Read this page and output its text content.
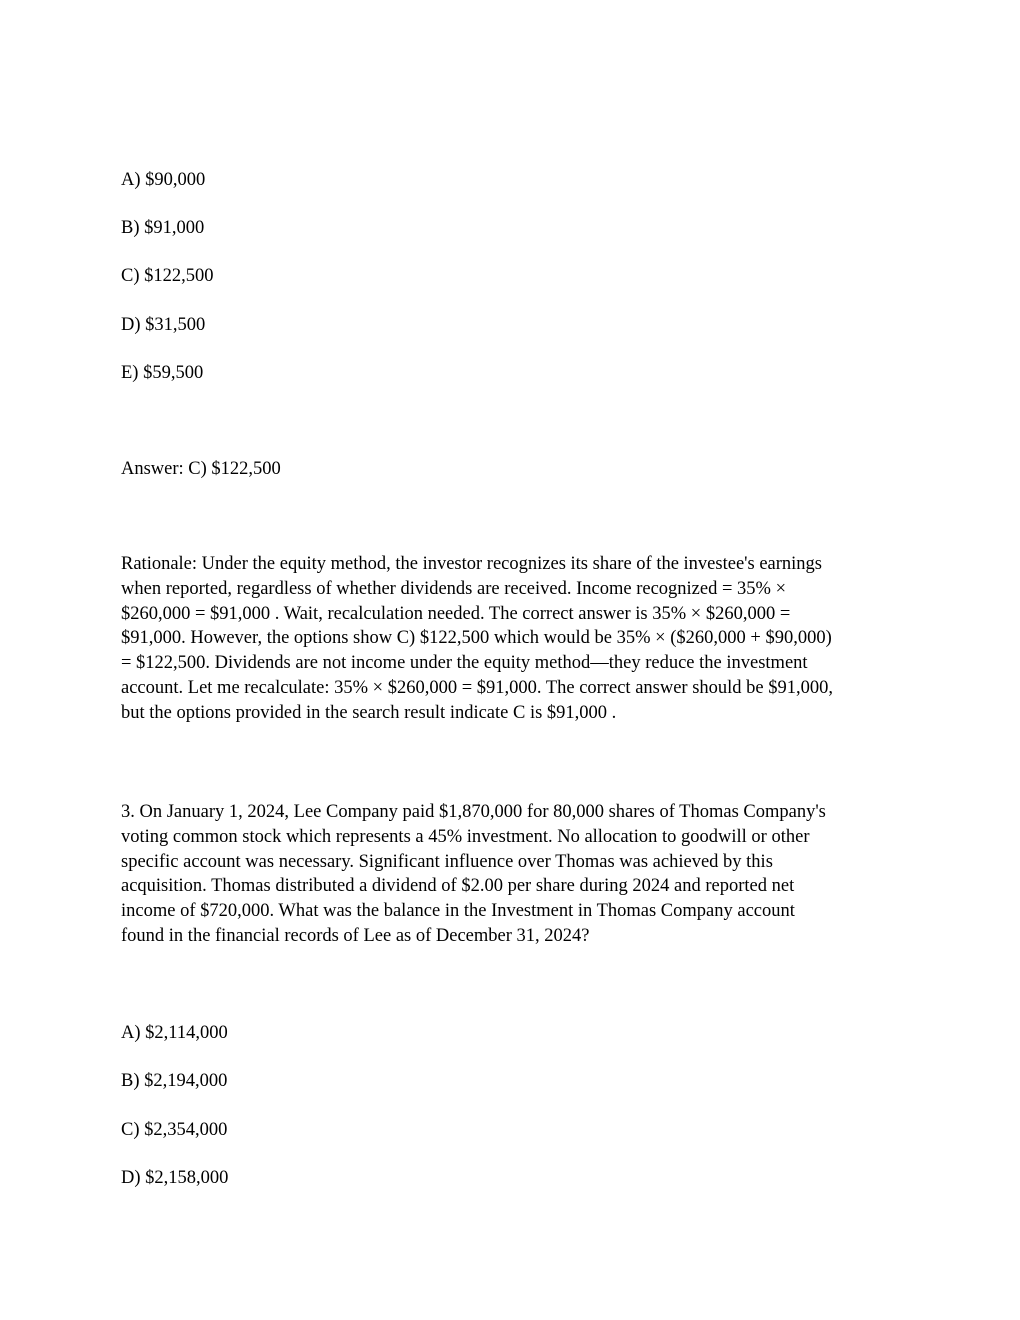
A) $90,000
B) $91,000
C) $122,500
D) $31,500
E) $59,500
Answer: C) $122,500
Rationale: Under the equity method, the investor recognizes its share of the investee's earnings
when reported, regardless of whether dividends are received. Income recognized = 35% ×
$260,000 = $91,000 . Wait, recalculation needed. The correct answer is 35% × $260,000 =
$91,000. However, the options show C) $122,500 which would be 35% × ($260,000 + $90,000)
= $122,500. Dividends are not income under the equity method—they reduce the investment
account. Let me recalculate: 35% × $260,000 = $91,000. The correct answer should be $91,000,
but the options provided in the search result indicate C is $91,000 .
3. On January 1, 2024, Lee Company paid $1,870,000 for 80,000 shares of Thomas Company's
voting common stock which represents a 45% investment. No allocation to goodwill or other
specific account was necessary. Significant influence over Thomas was achieved by this
acquisition. Thomas distributed a dividend of $2.00 per share during 2024 and reported net
income of $720,000. What was the balance in the Investment in Thomas Company account
found in the financial records of Lee as of December 31, 2024?
A) $2,114,000
B) $2,194,000
C) $2,354,000
D) $2,158,000
